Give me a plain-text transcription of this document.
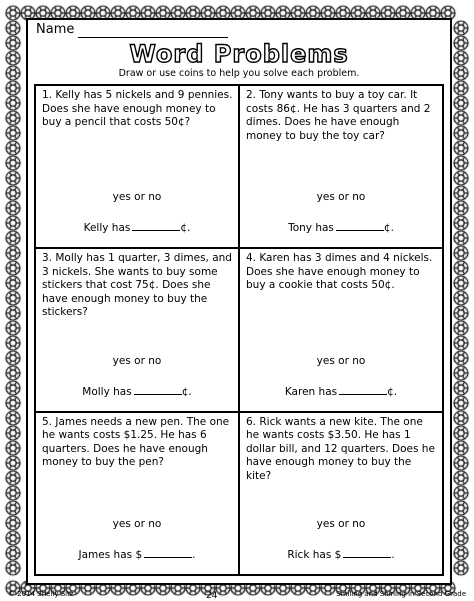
Name
Word Problems
Draw or use coins to help you solve each problem.
1. Kelly has 5 nickels and 9 pennies. Does she have enough money to buy a pencil that costs 50¢?
yes or no
Kelly has	¢.
2. Tony wants to buy a toy car. It costs 86¢. He has 3 quarters and 2 dimes. Does he have enough money to buy the toy car?
yes or no
Tony has	¢.
3. Molly has 1 quarter, 3 dimes, and 3 nickels. She wants to buy some stickers that cost 75¢. Does she have enough money to buy the stickers?
yes or no
Molly has	¢.
4. Karen has 3 dimes and 4 nickels. Does she have enough money to buy a cookie that costs 50¢.
yes or no
Karen has	¢.
5. James needs a new pen. The one he wants costs $1.25. He has 6 quarters. Does he have enough money to buy the pen?
yes or no
James has $	.
6. Rick wants a new kite. The one he wants costs $3.50. He has 1 dollar bill, and 12 quarters. Does he have enough money to buy the kite?
yes or no
Rick has $	.
© 2014 Shelly Sitz	24	Smiling and Shining in Second Grade
